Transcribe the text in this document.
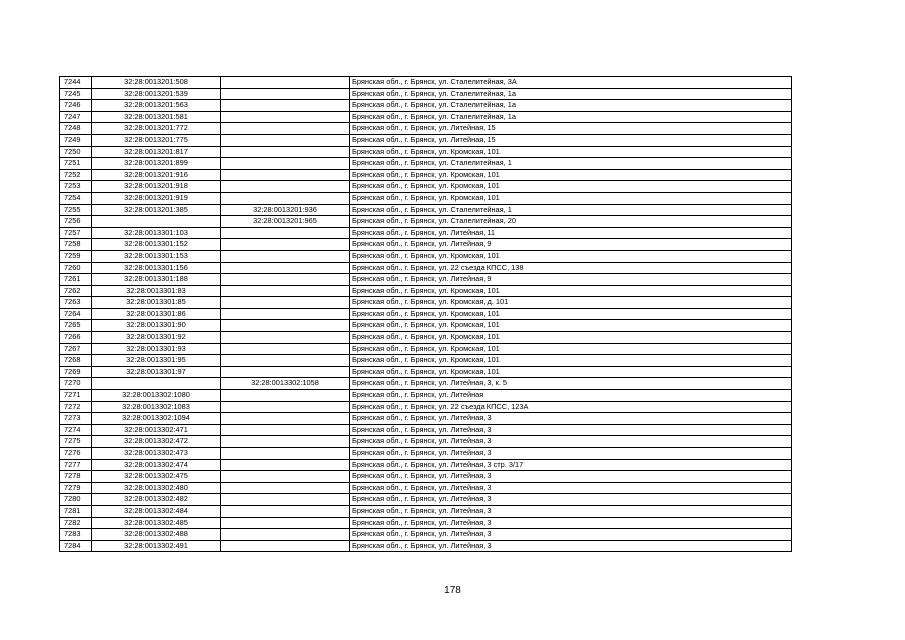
7244	32:28:0013201:508		Брянская обл., г. Брянск, ул. Сталелитейная, 3А
7245	32:28:0013201:539		Брянская обл., г. Брянск, ул. Сталелитейная, 1а
7246	32:28:0013201:563		Брянская обл., г. Брянск, ул. Сталелитейная, 1а
7247	32:28:0013201:581		Брянская обл., г. Брянск, ул. Сталелитейная, 1а
7248	32:28:0013201:772		Брянская обл., г. Брянск, ул. Литейная, 15
7249	32:28:0013201:775		Брянская обл., г. Брянск, ул. Литейная, 15
7250	32:28:0013201:817		Брянская обл., г. Брянск, ул. Кромская, 101
7251	32:28:0013201:899		Брянская обл., г. Брянск, ул. Сталелитейная, 1
7252	32:28:0013201:916		Брянская обл., г. Брянск, ул. Кромская, 101
7253	32:28:0013201:918		Брянская обл., г. Брянск, ул. Кромская, 101
7254	32:28:0013201:919		Брянская обл., г. Брянск, ул. Кромская, 101
7255	32:28:0013201:385	32:28:0013201:936	Брянская обл., г. Брянск, ул. Сталелитейная, 1
7256		32:28:0013201:965	Брянская обл., г. Брянск, ул. Сталелитейная, 20
7257	32:28:0013301:103		Брянская обл., г. Брянск, ул. Литейная, 11
7258	32:28:0013301:152		Брянская обл., г. Брянск, ул. Литейная, 9
7259	32:28:0013301:153		Брянская обл., г. Брянск, ул. Кромская, 101
7260	32:28:0013301:156		Брянская обл., г. Брянск, ул. 22 съезда КПСС, 138
7261	32:28:0013301:188		Брянская обл., г. Брянск, ул. Литейная, 9
7262	32:28:0013301:83		Брянская обл., г. Брянск, ул. Кромская, 101
7263	32:28:0013301:85		Брянская обл., г. Брянск, ул. Кромская, д. 101
7264	32:28:0013301:86		Брянская обл., г. Брянск, ул. Кромская, 101
7265	32:28:0013301:90		Брянская обл., г. Брянск, ул. Кромская, 101
7266	32:28:0013301:92		Брянская обл., г. Брянск, ул. Кромская, 101
7267	32:28:0013301:93		Брянская обл., г. Брянск, ул. Кромская, 101
7268	32:28:0013301:95		Брянская обл., г. Брянск, ул. Кромская, 101
7269	32:28:0013301:97		Брянская обл., г. Брянск, ул. Кромская, 101
7270		32:28:0013302:1058	Брянская обл., г. Брянск, ул. Литейная, 3, к. 5
7271	32:28:0013302:1080		Брянская обл., г. Брянск, ул. Литейная
7272	32:28:0013302:1083		Брянская обл., г. Брянск, ул. 22 съезда КПСС, 123А
7273	32:28:0013302:1094		Брянская обл., г. Брянск, ул. Литейная, 3
7274	32:28:0013302:471		Брянская обл., г. Брянск, ул. Литейная, 3
7275	32:28:0013302:472		Брянская обл., г. Брянск, ул. Литейная, 3
7276	32:28:0013302:473		Брянская обл., г. Брянск, ул. Литейная, 3
7277	32:28:0013302:474		Брянская обл., г. Брянск, ул. Литейная, 3 стр. 3/17
7278	32:28:0013302:475		Брянская обл., г. Брянск, ул. Литейная, 3
7279	32:28:0013302:480		Брянская обл., г. Брянск, ул. Литейная, 3
7280	32:28:0013302:482		Брянская обл., г. Брянск, ул. Литейная, 3
7281	32:28:0013302:484		Брянская обл., г. Брянск, ул. Литейная, 3
7282	32:28:0013302:485		Брянская обл., г. Брянск, ул. Литейная, 3
7283	32:28:0013302:488		Брянская обл., г. Брянск, ул. Литейная, 3
7284	32:28:0013302:491		Брянская обл., г. Брянск, ул. Литейная, 3
178
